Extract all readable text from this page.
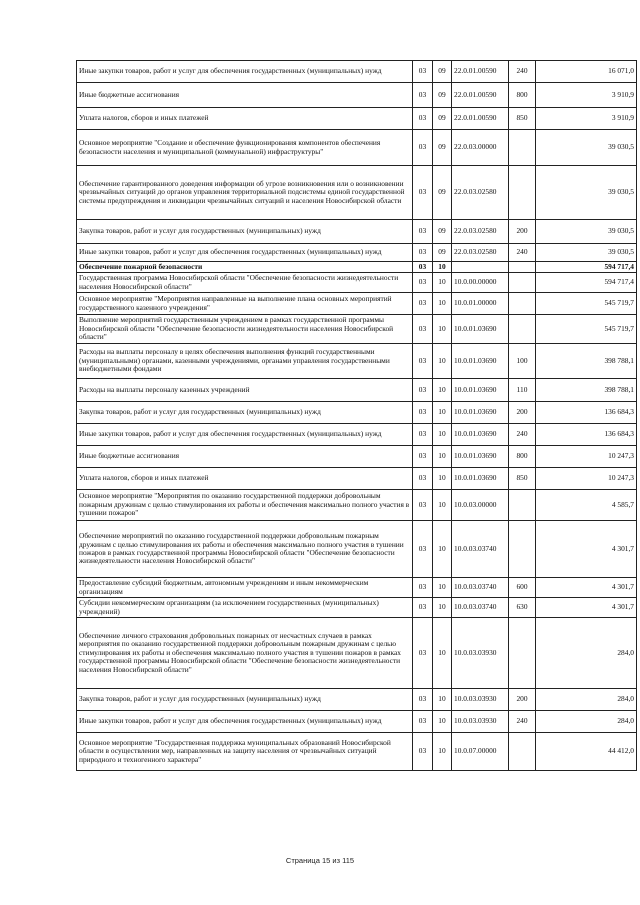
Иные закупки товаров, работ и услуг для обеспечения государственных (муниципальных) нужд	03	09	22.0.01.00590	240	16 071,0
Иные бюджетные ассигнования	03	09	22.0.01.00590	800	3 910,9
Уплата налогов, сборов и иных платежей	03	09	22.0.01.00590	850	3 910,9
Основное мероприятие "Создание и обеспечение функционирования компонентов обеспечения безопасности населения и муниципальной (коммунальной) инфраструктуры"	03	09	22.0.03.00000		39 030,5
Обеспечение гарантированного доведения информации об угрозе возникновения или о возникновении чрезвычайных ситуаций до органов управления территориальной подсистемы единой государственной системы предупреждения и ликвидации чрезвычайных ситуаций и населения Новосибирской области	03	09	22.0.03.02580		39 030,5
Закупка товаров, работ и услуг для государственных (муниципальных) нужд	03	09	22.0.03.02580	200	39 030,5
Иные закупки товаров, работ и услуг для обеспечения государственных (муниципальных) нужд	03	09	22.0.03.02580	240	39 030,5
Обеспечение пожарной безопасности	03	10			594 717,4
Государственная программа Новосибирской области "Обеспечение безопасности жизнедеятельности населения Новосибирской области"	03	10	10.0.00.00000		594 717,4
Основное мероприятие "Мероприятия направленные на выполнение плана основных мероприятий государственного казенного учреждения"	03	10	10.0.01.00000		545 719,7
Выполнение мероприятий государственным учреждением в рамках государственной программы Новосибирской области "Обеспечение безопасности жизнедеятельности населения Новосибирской области"	03	10	10.0.01.03690		545 719,7
Расходы на выплаты персоналу в целях обеспечения выполнения функций государственными (муниципальными) органами, казенными учреждениями, органами управления государственными внебюджетными фондами	03	10	10.0.01.03690	100	398 788,1
Расходы на выплаты персоналу казенных учреждений	03	10	10.0.01.03690	110	398 788,1
Закупка товаров, работ и услуг для государственных (муниципальных) нужд	03	10	10.0.01.03690	200	136 684,3
Иные закупки товаров, работ и услуг для обеспечения государственных (муниципальных) нужд	03	10	10.0.01.03690	240	136 684,3
Иные бюджетные ассигнования	03	10	10.0.01.03690	800	10 247,3
Уплата налогов, сборов и иных платежей	03	10	10.0.01.03690	850	10 247,3
Основное мероприятие "Мероприятия по оказанию государственной поддержки добровольным пожарным дружинам с целью стимулирования их работы и обеспечения максимально полного участия в тушении пожаров"	03	10	10.0.03.00000		4 585,7
Обеспечение мероприятий по оказанию государственной поддержки добровольным пожарным дружинам с целью стимулирования их работы и обеспечения максимально полного участия в тушении пожаров в рамках государственной программы Новосибирской области "Обеспечение безопасности жизнедеятельности населения Новосибирской области"	03	10	10.0.03.03740		4 301,7
Предоставление субсидий бюджетным, автономным учреждениям и иным некоммерческим организациям	03	10	10.0.03.03740	600	4 301,7
Субсидии некоммерческим организациям (за исключением государственных (муниципальных) учреждений)	03	10	10.0.03.03740	630	4 301,7
Обеспечение личного страхования добровольных пожарных от несчастных случаев в рамках мероприятия по оказанию государственной поддержки добровольным пожарным дружинам с целью стимулирования их работы и обеспечения максимально полного участия в тушении пожаров в рамках государственной программы Новосибирской области "Обеспечение безопасности жизнедеятельности населения Новосибирской области"	03	10	10.0.03.03930		284,0
Закупка товаров, работ и услуг для государственных (муниципальных) нужд	03	10	10.0.03.03930	200	284,0
Иные закупки товаров, работ и услуг для обеспечения государственных (муниципальных) нужд	03	10	10.0.03.03930	240	284,0
Основное мероприятие "Государственная поддержка муниципальных образований Новосибирской области в осуществлении мер, направленных на защиту населения от чрезвычайных ситуаций природного и техногенного характера"	03	10	10.0.07.00000		44 412,0
Страница 15 из 115
